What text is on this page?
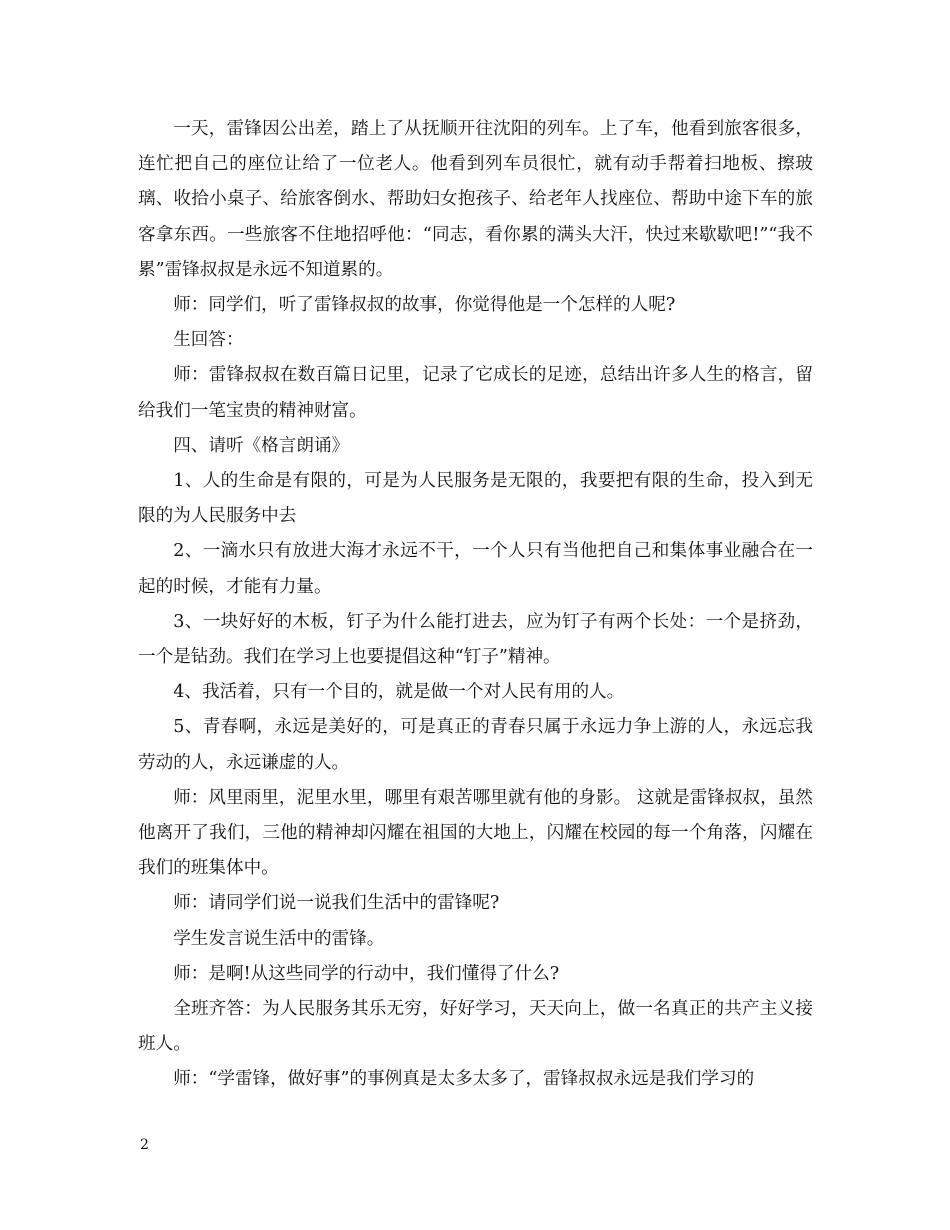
一天，雷锋因公出差，踏上了从抚顺开往沈阳的列车。上了车，他看到旅客很多，连忙把自己的座位让给了一位老人。他看到列车员很忙，就有动手帮着扫地板、擦玻璃、收拾小桌子、给旅客倒水、帮助妇女抱孩子、给老年人找座位、帮助中途下车的旅客拿东西。一些旅客不住地招呼他：“同志，看你累的满头大汗，快过来歇歇吧!”“我不累”雷锋叔叔是永远不知道累的。

师：同学们，听了雷锋叔叔的故事，你觉得他是一个怎样的人呢?

生回答：

师：雷锋叔叔在数百篇日记里，记录了它成长的足迹，总结出许多人生的格言，留给我们一笔宝贵的精神财富。

四、请听《格言朗诵》

1、人的生命是有限的，可是为人民服务是无限的，我要把有限的生命，投入到无限的为人民服务中去

2、一滴水只有放进大海才永远不干，一个人只有当他把自己和集体事业融合在一起的时候，才能有力量。

3、一块好好的木板，钉子为什么能打进去，应为钉子有两个长处：一个是挤劲，一个是钻劲。我们在学习上也要提倡这种“钉子”精神。

4、我活着，只有一个目的，就是做一个对人民有用的人。

5、青春啊，永远是美好的，可是真正的青春只属于永远力争上游的人，永远忘我劳动的人，永远谦虚的人。

师：风里雨里，泥里水里，哪里有艰苦哪里就有他的身影。 这就是雷锋叔叔，虽然他离开了我们，三他的精神却闪耀在祖国的大地上，闪耀在校园的每一个角落，闪耀在我们的班集体中。

师：请同学们说一说我们生活中的雷锋呢?

学生发言说生活中的雷锋。

师：是啊!从这些同学的行动中，我们懂得了什么?

全班齐答：为人民服务其乐无穷，好好学习，天天向上，做一名真正的共产主义接班人。

师：“学雷锋，做好事”的事例真是太多太多了，雷锋叔叔永远是我们学习的

2
